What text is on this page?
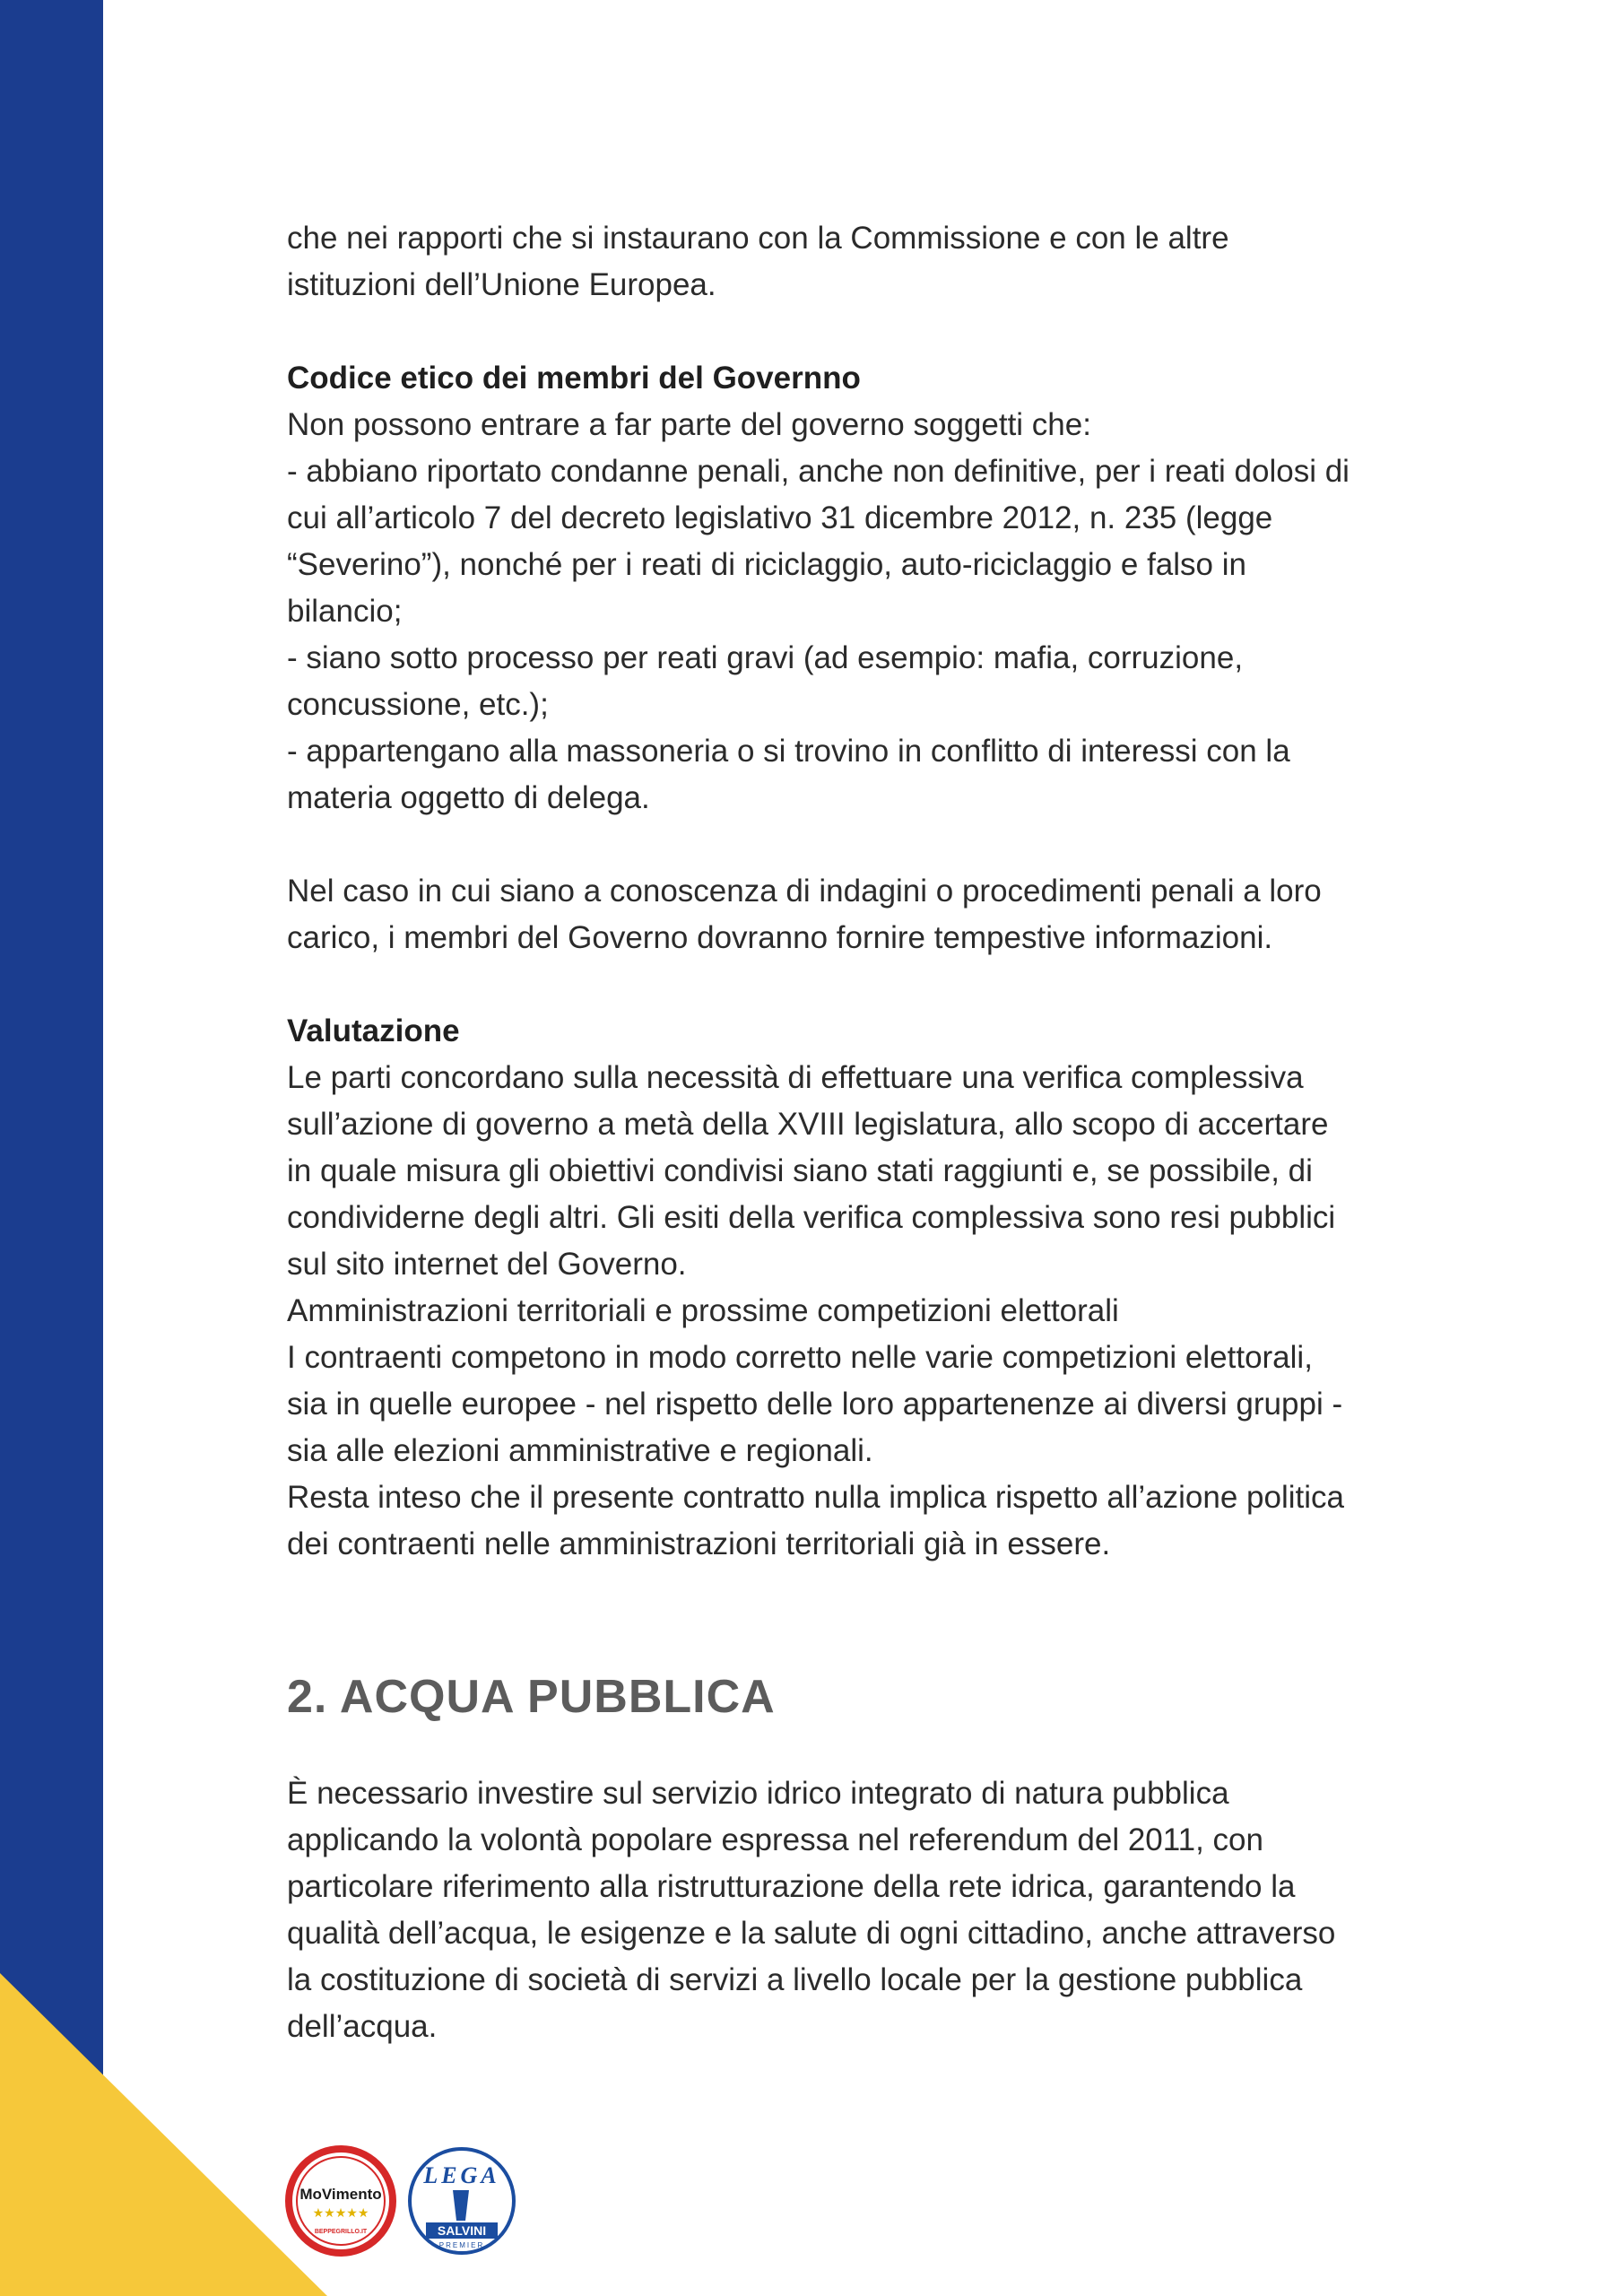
che nei rapporti che si instaurano con la Commissione e con le altre istituzioni dell’Unione Europea.

Codice etico dei membri del Governno

Non possono entrare a far parte del governo soggetti che:

- abbiano riportato condanne penali, anche non definitive, per i reati dolosi di cui all’articolo 7 del decreto legislativo 31 dicembre 2012, n. 235 (legge “Severino”), nonché per i reati di riciclaggio, auto-riciclaggio e falso in bilancio;

- siano sotto processo per reati gravi (ad esempio: mafia, corruzione, concussione, etc.);

- appartengano alla massoneria o si trovino in conflitto di interessi con la materia oggetto di delega.

Nel caso in cui siano a conoscenza di indagini o procedimenti penali a loro carico, i membri del Governo dovranno fornire tempestive informazioni.

Valutazione

Le parti concordano sulla necessità di effettuare una verifica complessiva sull’azione di governo a metà della XVIII legislatura, allo scopo di accertare in quale misura gli obiettivi condivisi siano stati raggiunti e, se possibile, di condividerne degli altri. Gli esiti della verifica complessiva sono resi pubblici sul sito internet del Governo.

Amministrazioni territoriali e prossime competizioni elettorali

I contraenti competono in modo corretto nelle varie competizioni elettorali, sia in quelle europee - nel rispetto delle loro appartenenze ai diversi gruppi - sia alle elezioni amministrative e regionali.

Resta inteso che il presente contratto nulla implica rispetto all’azione politica dei contraenti nelle amministrazioni territoriali già in essere.

2. ACQUA PUBBLICA

È necessario investire sul servizio idrico integrato di natura pubblica applicando la volontà popolare espressa nel referendum del 2011, con particolare riferimento alla ristrutturazione della rete idrica, garantendo la qualità dell’acqua, le esigenze e la salute di ogni cittadino, anche attraverso la costituzione di società di servizi a livello locale per la gestione pubblica dell’acqua.

MoVimento
★★★★★
BEPPEGRILLO.IT
LEGA
SALVINI
PREMIER
